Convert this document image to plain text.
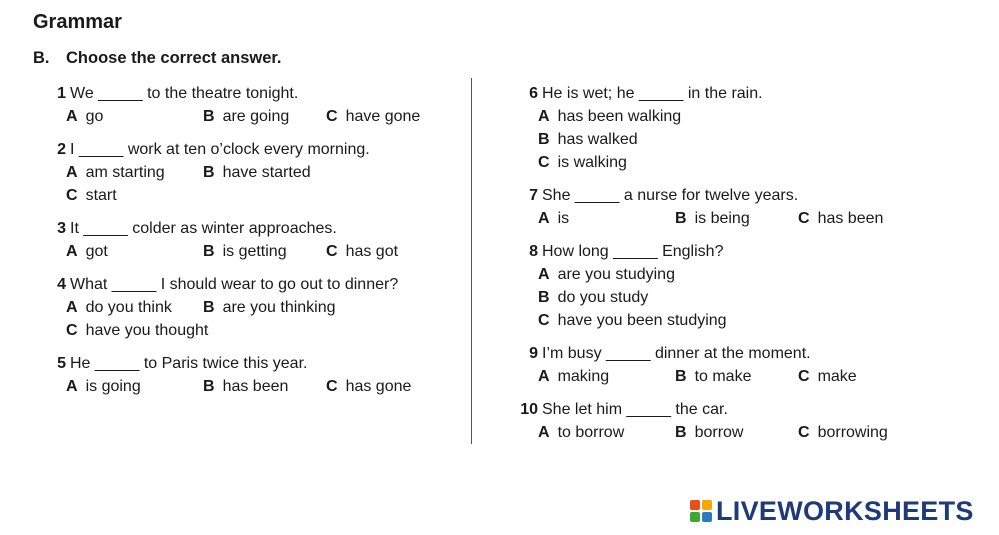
Grammar
B. Choose the correct answer.
1 We _____ to the theatre tonight.
A go	B are going C have gone
2 I _____ work at ten o’clock every morning.
A am starting B have started
C start
3 It _____ colder as winter approaches.
A got	B is getting C has got
4 What _____ I should wear to go out to dinner?
A do you think B are you thinking
C have you thought
5 He _____ to Paris twice this year.
A is going	B has been C has gone
6 He is wet; he _____ in the rain.
A has been walking
B has walked
C is walking
7 She _____ a nurse for twelve years.
A is	B is being	C has been
8 How long _____ English?
A are you studying
B do you study
C have you been studying
9 I’m busy _____ dinner at the moment.
A making	B to make	C make
10 She let him _____ the car.
A to borrow	B borrow	C borrowing
LIVEWORKSHEETS
